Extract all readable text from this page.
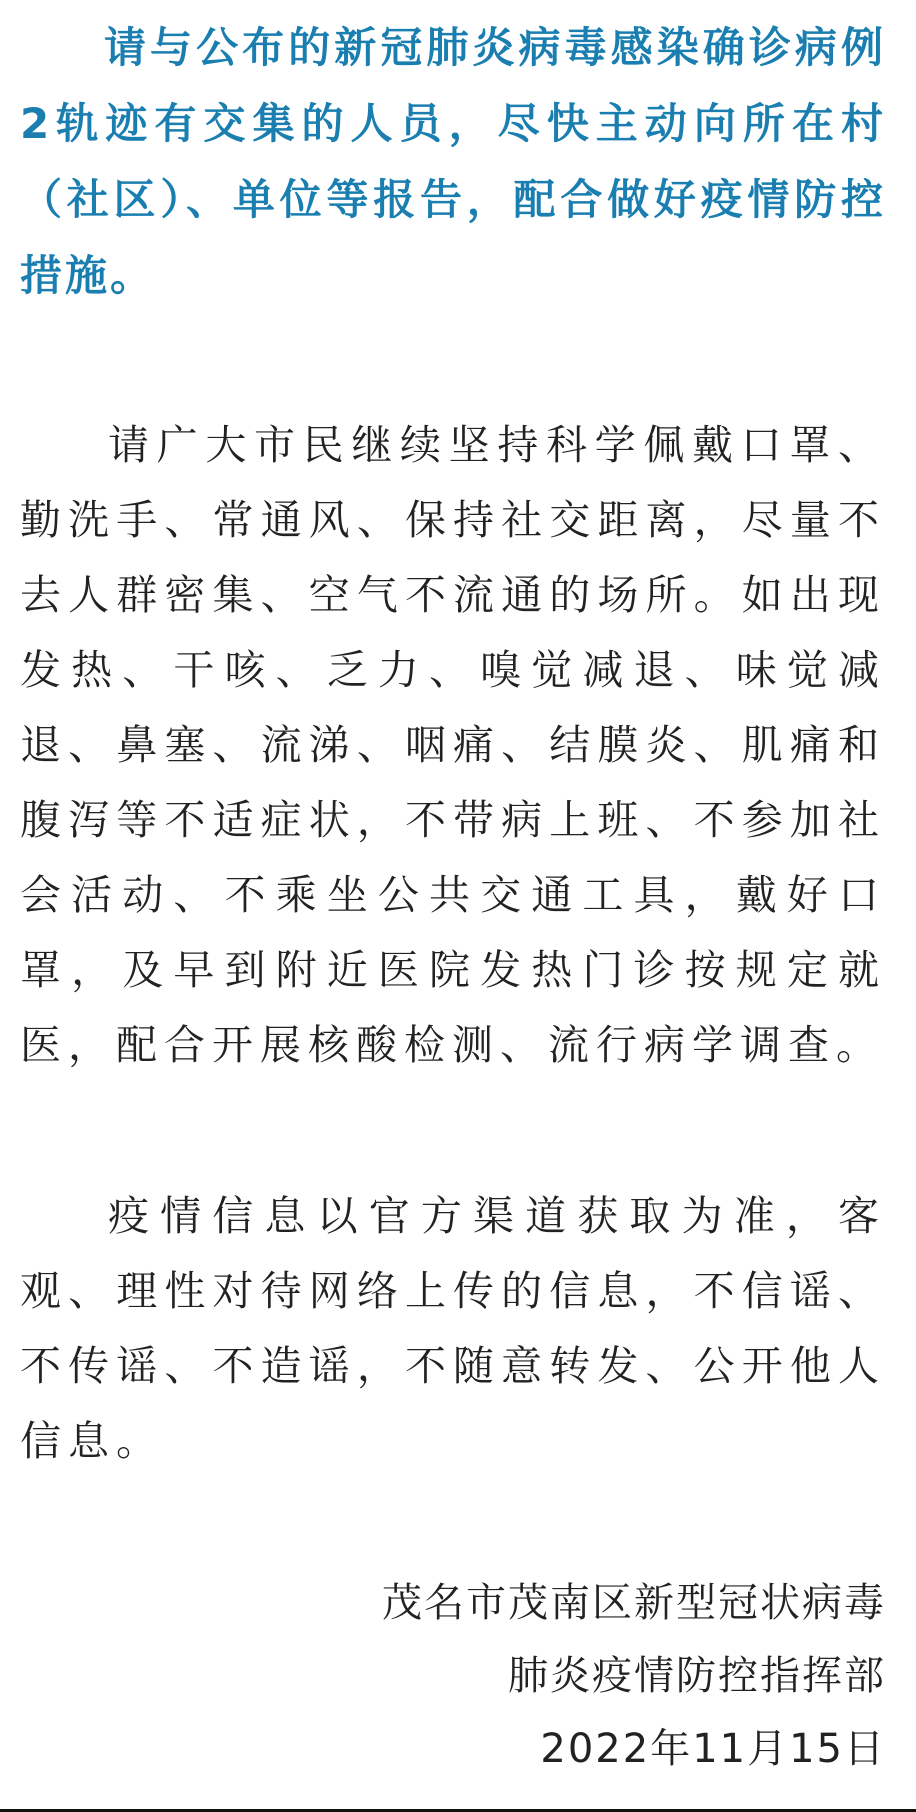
请与公布的新冠肺炎病毒感染确诊病例2轨迹有交集的人员，尽快主动向所在村（社区）、单位等报告，配合做好疫情防控措施。

请广大市民继续坚持科学佩戴口罩、勤洗手、常通风、保持社交距离，尽量不去人群密集、空气不流通的场所。如出现发热、干咳、乏力、嗅觉减退、味觉减退、鼻塞、流涕、咽痛、结膜炎、肌痛和腹泻等不适症状，不带病上班、不参加社会活动、不乘坐公共交通工具，戴好口罩，及早到附近医院发热门诊按规定就医，配合开展核酸检测、流行病学调查。

疫情信息以官方渠道获取为准，客观、理性对待网络上传的信息，不信谣、不传谣、不造谣，不随意转发、公开他人信息。

茂名市茂南区新型冠状病毒
肺炎疫情防控指挥部
2022年11月15日
